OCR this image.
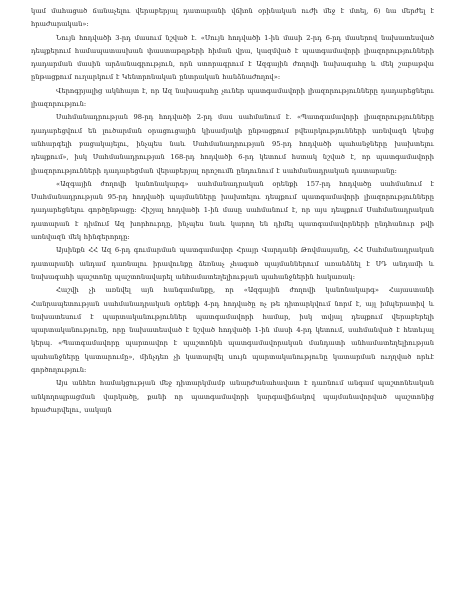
կամ մահացած ճանաչելու վերաբերյալ դատարանի վճիռն օրինական ուժի մեջ է մտել, 6) նա մերժել է հրաժարական»:

Նույն հոդվածի 3-րդ մասում նշված է. «Սույն հոդվածի 1-ին մասի 2-րդ 6-րդ մասերով նախատեսված դեպքերում համապատասխան փաստաթղթերի հիման վրա, կազմված է պատգամավորի լիազորությունների դադարման մասին արձանագրություն, որն ստորագրում է Ազգային ժողովի նախագահը և մեկ շաբաթվա ընթացքում ուղարկում է Կենտրոնական ընտրական հանձնաժողով»:

Վերոգրյալից ակնհայտ է, որ Ազ նախագահը չուներ պատգամավորի լիազորությունները դադարեցնելու լիազորություն:

Սահմանադրության 98-րդ հոդվածի 2-րդ մաս սահմանում է. «Պատգամավորի լիազորությունները դադարեցվում են լուծարման օրացուցային կիսամյակի ընթացքում բվեարկությունների առնվազն կեսից անհարգելի բացակայելու, ինչպես նաև Սահմանադրության 95-րդ հոդվածի պահանջները խախտելու դեպքում», իսկ Սահմանադրության 168-րդ հոդվածի 6-րդ կետում հստակ նշված է, որ պատգամավորի լիազորությունների դադարեցման վերաբերյալ որոշումն ընդունում է սահմանադրական դատարանը:

«Ազգային ժողովի կանոնակարգ» սահմանադրական օրենքի 157-րդ հոդվածը սահմանում է Սահմանադրության 95-րդ հոդվածի պայմանները խախտելու դեպքում պատգամավորի լիազորությունները դադարեցնելու գործընթացը: Հիշյալ հոդվածի 1-ին մասը սահմանում է, որ այս դեպքում Սահմանադրական դատարան է դիմում Ազ խորհուրդը, ինչպես նաև կարող են դիմել պատգամավորների ընդհանուր թվի առնվազն մեկ հինգերորդը:

Այսինքն ՀՀ Ազ 6-րդ գումարման պատգամավոր Հրայր Վարդանի Թովմասյանը, ՀՀ Սահմանադրական դատարանի անդամ դառնալու իրավունքը ձեռնաչ չհագած պայմաններում առանձնել է ՍԴ անդամի և նախագահի պաշտոնը պաշտոնավարել անհամատեղելիության պահանջներին հակառակ:

Հաշվի չի առնվել այն հանգամանքը, որ «Ազգային ժողովի կանոնակարգ» Հայաստանի Հանրապետության սահմանադրական օրենքի 4-րդ հոդվածը ոչ թե դիտարկվում նորմ է, այլ իմպերատիվ և նախատեսում է պարտականություններ պատգամավորի համար, իսկ տվյալ դեպքում վերաբերելի պարտականությունը, որը նախատեսված է նշված հոդվածի 1-ին մասի 4-րդ կետում, սահմանված է հետևյալ կերպ. «Պատգամավորը պարտավոր է պաշտոնին պատգամավորական մանդատի անհամատեղելիության պահանջները կատարումը», մինչդեռ չի կատարվել սույն պարտականությունը կատարման ուղղված որևէ գործողություն:

Այս անհեռ համակցության մեջ դիտարկմամբ անարժանահավատ է դառնում անգամ պաշտոնեական անկողոպրացման վարկածը, քանի որ պատգամավորի կարգավիճակով պայմանավորված պաշտոնից հրաժարվելու, սակայն
